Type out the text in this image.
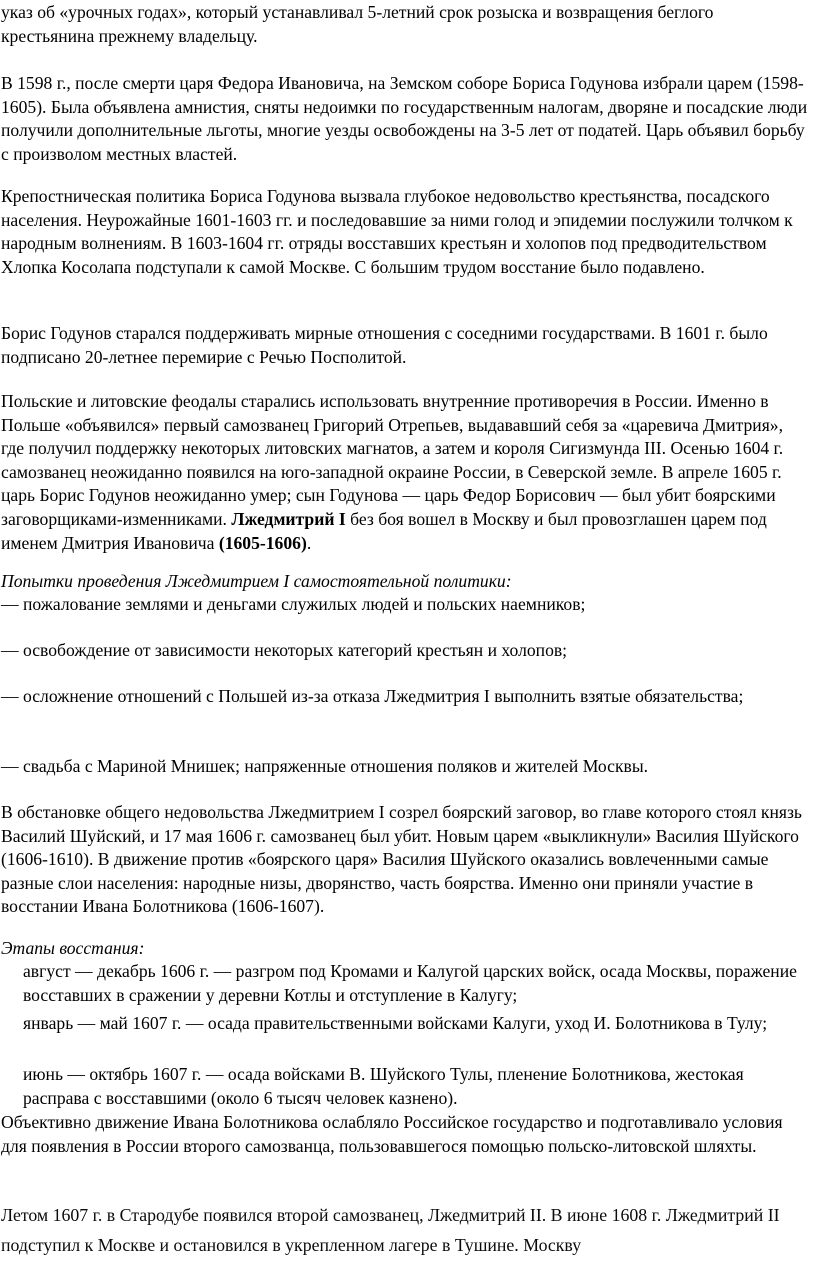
указ об «урочных годах», который устанавливал 5-летний срок розыска и возвращения беглого крестьянина прежнему владельцу.

В 1598 г., после смерти царя Федора Ивановича, на Земском соборе Бориса Годунова избрали царем (1598-1605). Была объявлена амнистия, сняты недоимки по государственным налогам, дворяне и посадские люди получили дополнительные льготы, многие уезды освобождены на 3-5 лет от податей. Царь объявил борьбу с произволом местных властей.

Крепостническая политика Бориса Годунова вызвала глубокое недовольство крестьянства, посадского населения. Неурожайные 1601-1603 гг. и последовавшие за ними голод и эпидемии послужили толчком к народным волнениям. В 1603-1604 гг. отряды восставших крестьян и холопов под предводительством Хлопка Косолапа подступали к самой Москве. С большим трудом восстание было подавлено.

Борис Годунов старался поддерживать мирные отношения с соседними государствами. В 1601 г. было подписано 20-летнее перемирие с Речью Посполитой.

Польские и литовские феодалы старались использовать внутренние противоречия в России. Именно в Польше «объявился» первый самозванец Григорий Отрепьев, выдававший себя за «царевича Дмитрия», где получил поддержку некоторых литовских магнатов, а затем и короля Сигизмунда III. Осенью 1604 г. самозванец неожиданно появился на юго-западной окраине России, в Северской земле. В апреле 1605 г. царь Борис Годунов неожиданно умер; сын Годунова — царь Федор Борисович — был убит боярскими заговорщиками-изменниками. Лжедмитрий I без боя вошел в Москву и был провозглашен царем под именем Дмитрия Ивановича (1605-1606).

Попытки проведения Лжедмитрием I самостоятельной политики:

— пожалование землями и деньгами служилых людей и польских наемников;

— освобождение от зависимости некоторых категорий крестьян и холопов;

— осложнение отношений с Польшей из-за отказа Лжедмитрия I выполнить взятые обязательства;

— свадьба с Мариной Мнишек; напряженные отношения поляков и жителей Москвы.

В обстановке общего недовольства Лжедмитрием I созрел боярский заговор, во главе которого стоял князь Василий Шуйский, и 17 мая 1606 г. самозванец был убит. Новым царем «выкликнули» Василия Шуйского (1606-1610). В движение против «боярского царя» Василия Шуйского оказались вовлеченными самые разные слои населения: народные низы, дворянство, часть боярства. Именно они приняли участие в восстании Ивана Болотникова (1606-1607).

Этапы восстания:

август — декабрь 1606 г. — разгром под Кромами и Калугой царских войск, осада Москвы, поражение восставших в сражении у деревни Котлы и отступление в Калугу;

январь — май 1607 г. — осада правительственными войсками Калуги, уход И. Болотникова в Тулу;

июнь — октябрь 1607 г. — осада войсками В. Шуйского Тулы, пленение Болотникова, жестокая расправа с восставшими (около 6 тысяч человек казнено).

Объективно движение Ивана Болотникова ослабляло Российское государство и подготавливало условия для появления в России второго самозванца, пользовавшегося помощью польско-литовской шляхты.

Летом 1607 г. в Стародубе появился второй самозванец, Лжедмитрий II. В июне 1608 г. Лжедмитрий II подступил к Москве и остановился в укрепленном лагере в Тушине. Москву
